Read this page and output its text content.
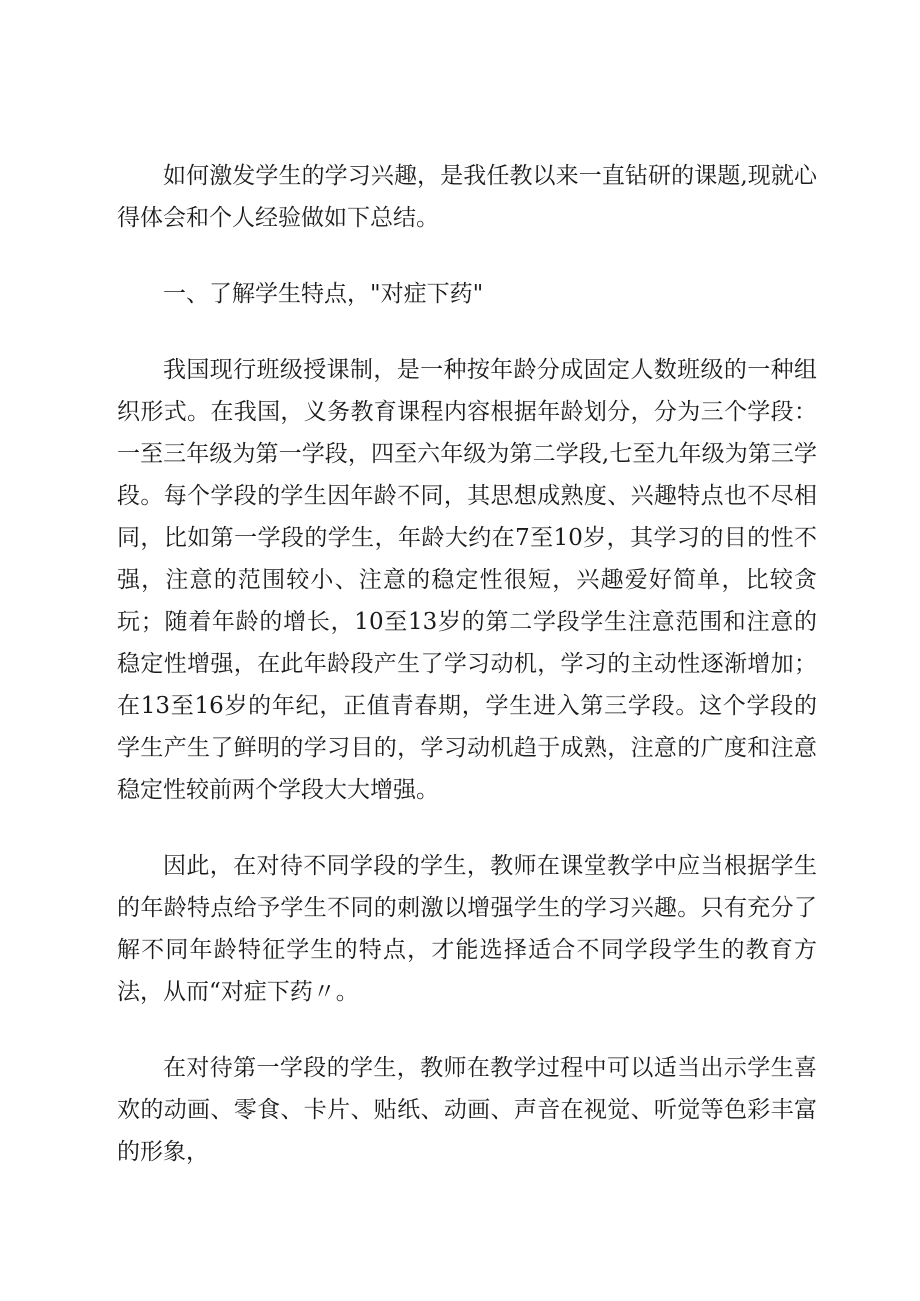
如何激发学生的学习兴趣，是我任教以来一直钻研的课题,现就心得体会和个人经验做如下总结。

一、了解学生特点，"对症下药"

我国现行班级授课制，是一种按年龄分成固定人数班级的一种组织形式。在我国，义务教育课程内容根据年龄划分，分为三个学段：一至三年级为第一学段，四至六年级为第二学段,七至九年级为第三学段。每个学段的学生因年龄不同，其思想成熟度、兴趣特点也不尽相同，比如第一学段的学生，年龄大约在7至10岁，其学习的目的性不强，注意的范围较小、注意的稳定性很短，兴趣爱好简单，比较贪玩；随着年龄的增长，10至13岁的第二学段学生注意范围和注意的稳定性增强，在此年龄段产生了学习动机，学习的主动性逐渐增加；在13至16岁的年纪，正值青春期，学生进入第三学段。这个学段的学生产生了鲜明的学习目的，学习动机趋于成熟，注意的广度和注意稳定性较前两个学段大大增强。

因此，在对待不同学段的学生，教师在课堂教学中应当根据学生的年龄特点给予学生不同的刺激以增强学生的学习兴趣。只有充分了解不同年龄特征学生的特点，才能选择适合不同学段学生的教育方法，从而“对症下药〃。

在对待第一学段的学生，教师在教学过程中可以适当出示学生喜欢的动画、零食、卡片、贴纸、动画、声音在视觉、听觉等色彩丰富的形象，
